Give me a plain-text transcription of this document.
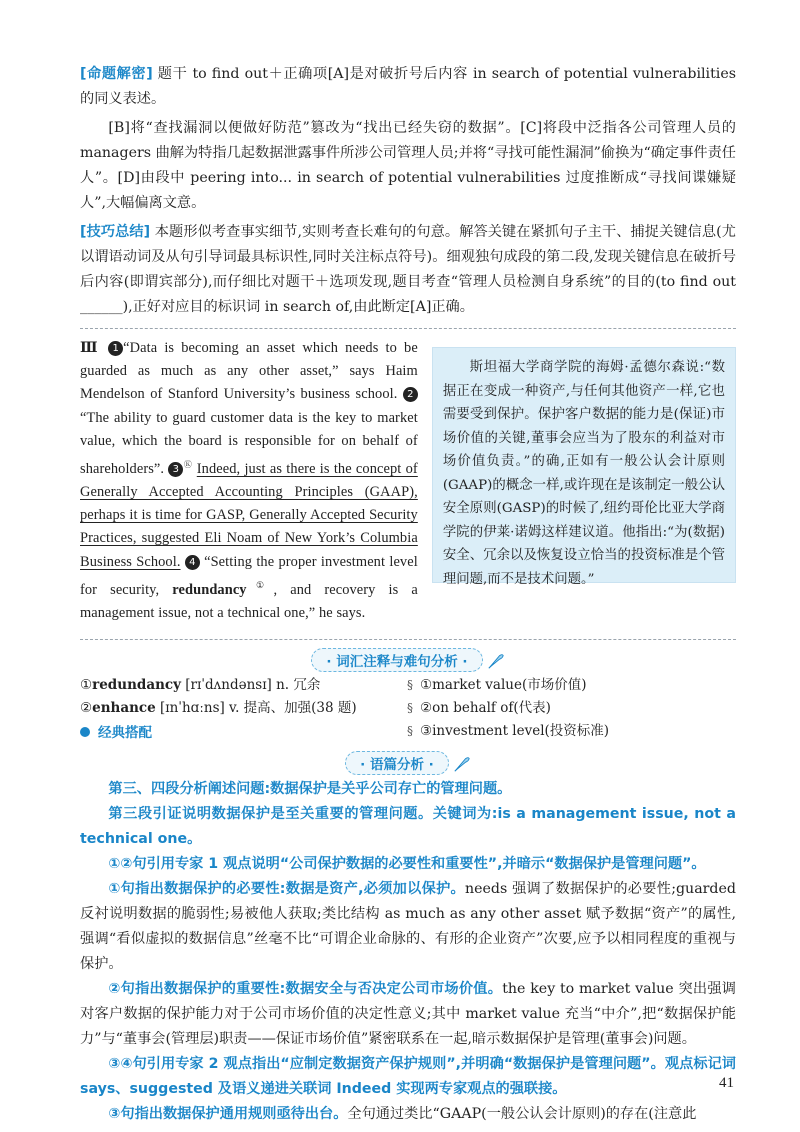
[命题解密] 题干 to find out＋正确项[A]是对破折号后内容 in search of potential vulnerabilities 的同义表述。

[B]将“查找漏洞以便做好防范”篡改为“找出已经失窃的数据”。[C]将段中泛指各公司管理人员的 managers 曲解为特指几起数据泄露事件所涉公司管理人员;并将“寻找可能性漏洞”偷换为“确定事件责任人”。[D]由段中 peering into... in search of potential vulnerabilities 过度推断成“寻找间谍嫌疑人”,大幅偏离文意。

[技巧总结] 本题形似考查事实细节,实则考查长难句的句意。解答关键在紧抓句子主干、捕捉关键信息(尤以谓语动词及从句引导词最具标识性,同时关注标点符号)。细观独句成段的第二段,发现关键信息在破折号后内容(即谓宾部分),而仔细比对题干＋选项发现,题目考查“管理人员检测自身系统”的目的(to find out ______),正好对应目的标识词 in search of,由此断定[A]正确。

Ⅲ 1 “Data is becoming an asset which needs to be guarded as much as any other asset,” says Haim Mendelson of Stanford University’s business school. 2 “The ability to guard customer data is the key to market value, which the board is responsible for on behalf of shareholders”. 3 Ⓚ Indeed, just as there is the concept of Generally Accepted Accounting Principles (GAAP), perhaps it is time for GASP, Generally Accepted Security Practices, suggested Eli Noam of New York’s Columbia Business School. 4 “Setting the proper investment level for security, redundancy①, and recovery is a management issue, not a technical one,” he says.
斯坦福大学商学院的海姆·孟德尔森说:“数据正在变成一种资产,与任何其他资产一样,它也需要受到保护。保护客户数据的能力是(保证)市场价值的关键,董事会应当为了股东的利益对市场价值负责。”的确,正如有一般公认会计原则(GAAP)的概念一样,或许现在是该制定一般公认安全原则(GASP)的时候了,纽约哥伦比亚大学商学院的伊莱·诺姆这样建议道。他指出:“为(数据)安全、冗余以及恢复设立恰当的投资标准是个管理问题,而不是技术问题。”
· 词汇注释与难句分析 ·
①redundancy [rɪˈdʌndənsɪ] n. 冗余
②enhance [ɪnˈhɑːns] v. 提高、加强(38 题)
经典搭配
§
§
§
①market value(市场价值)
②on behalf of(代表)
③investment level(投资标准)
· 语篇分析 ·

第三、四段分析阐述问题:数据保护是关乎公司存亡的管理问题。

第三段引证说明数据保护是至关重要的管理问题。关键词为:is a management issue, not a technical one。

①②句引用专家 1 观点说明“公司保护数据的必要性和重要性”,并暗示“数据保护是管理问题”。

①句指出数据保护的必要性:数据是资产,必须加以保护。needs 强调了数据保护的必要性;guarded 反衬说明数据的脆弱性;易被他人获取;类比结构 as much as any other asset 赋予数据“资产”的属性,强调“看似虚拟的数据信息”丝毫不比“可谓企业命脉的、有形的企业资产”次要,应予以相同程度的重视与保护。

②句指出数据保护的重要性:数据安全与否决定公司市场价值。the key to market value 突出强调对客户数据的保护能力对于公司市场价值的决定性意义;其中 market value 充当“中介”,把“数据保护能力”与“董事会(管理层)职责——保证市场价值”紧密联系在一起,暗示数据保护是管理(董事会)问题。

③④句引用专家 2 观点指出“应制定数据资产保护规则”,并明确“数据保护是管理问题”。观点标记词 says、suggested 及语义递进关联词 Indeed 实现两专家观点的强联接。

③句指出数据保护通用规则亟待出台。全句通过类比“GAAP(一般公认会计原则)的存在(注意此

41
